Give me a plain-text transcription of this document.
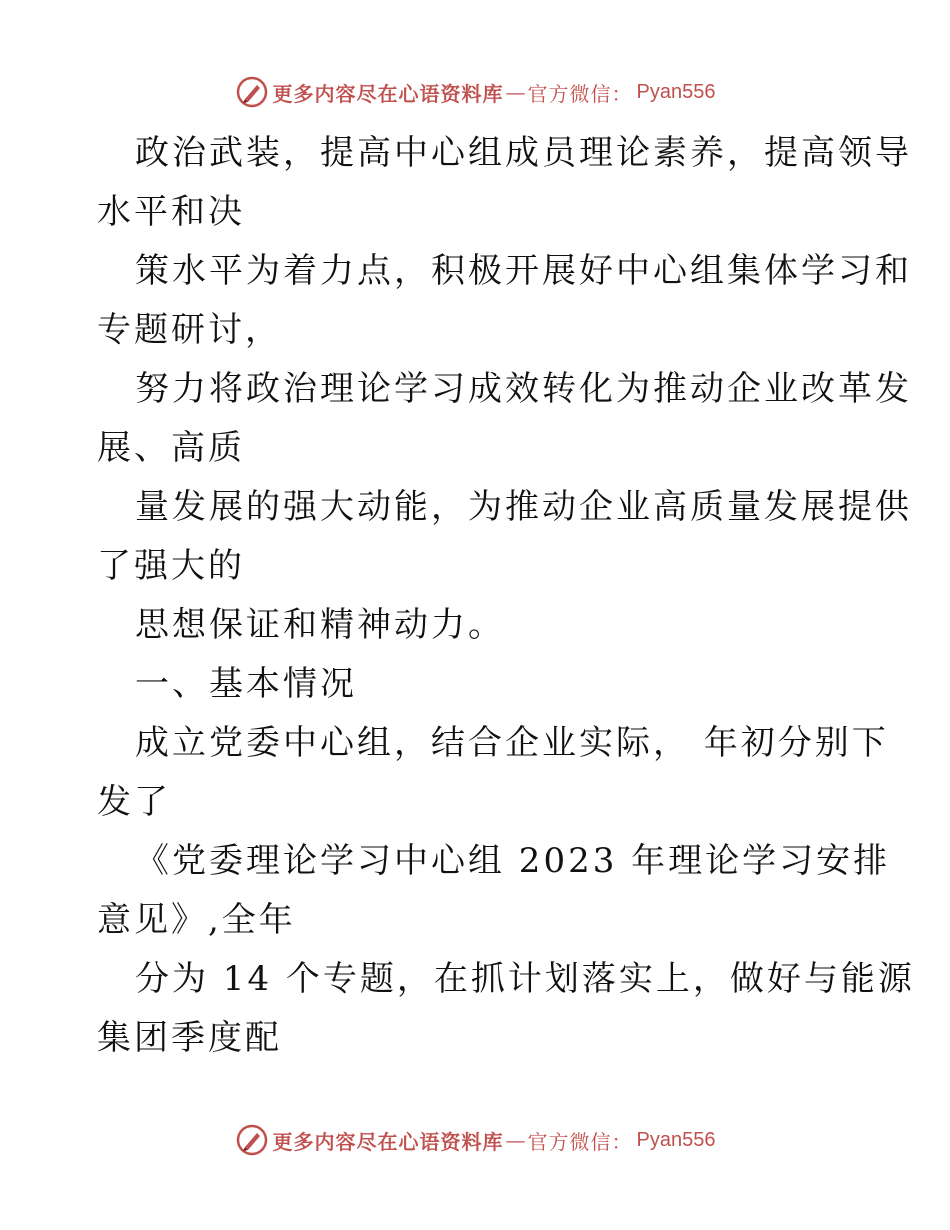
更多内容尽在心语资料库 — 官方微信： Pyan556

政治武装，提高中心组成员理论素养，提高领导
水平和决

策水平为着力点，积极开展好中心组集体学习和
专题研讨，

努力将政治理论学习成效转化为推动企业改革发
展、高质

量发展的强大动能，为推动企业高质量发展提供
了强大的

思想保证和精神动力。

一、基本情况

成立党委中心组，结合企业实际， 年初分别下
发了

《党委理论学习中心组 2023 年理论学习安排
意见》,全年

分为 14 个专题，在抓计划落实上，做好与能源
集团季度配

更多内容尽在心语资料库 — 官方微信： Pyan556
